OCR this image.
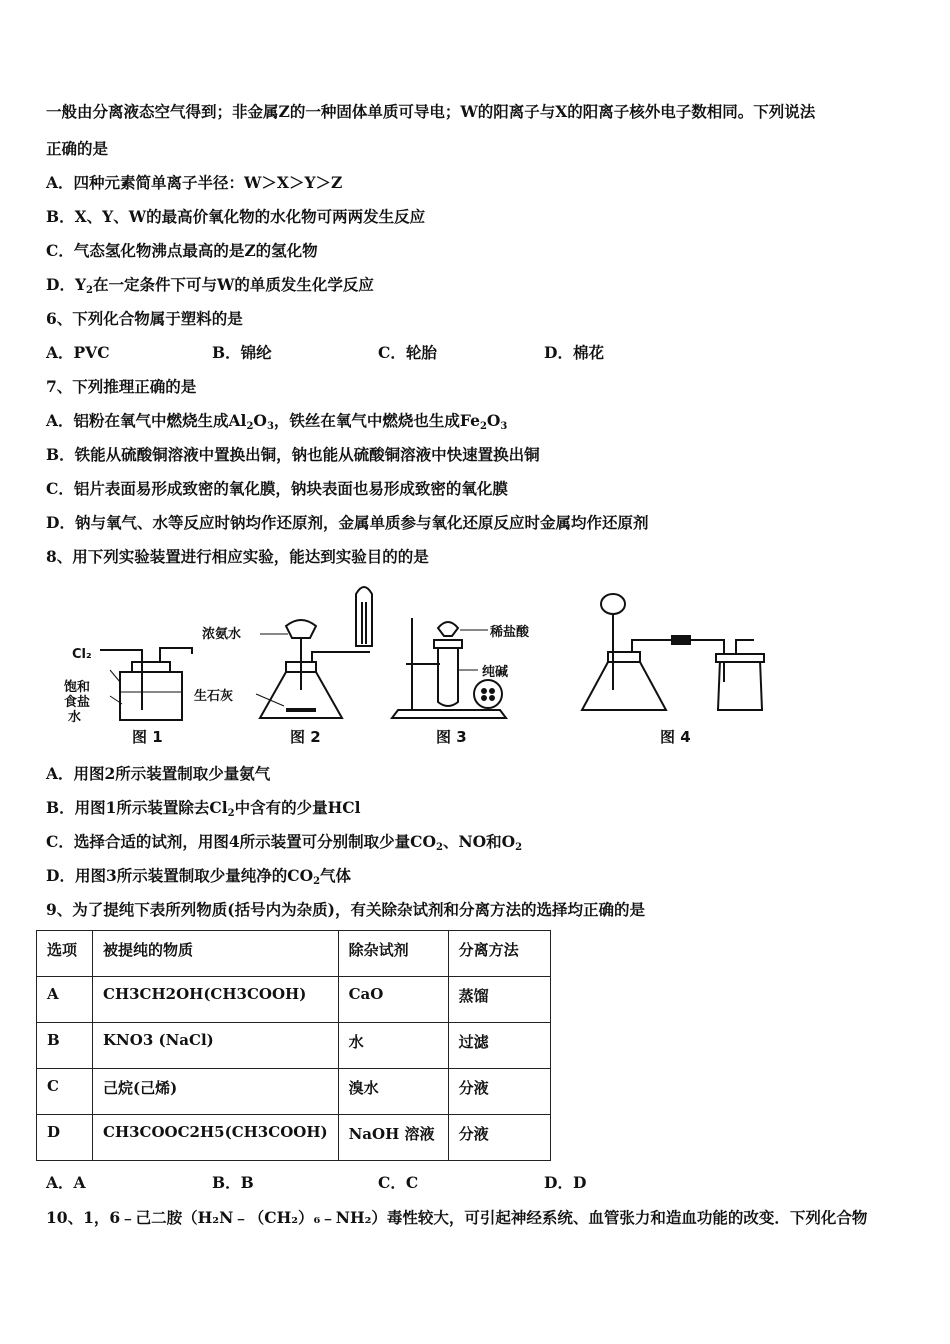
一般由分离液态空气得到；非金属Z的一种固体单质可导电；W的阳离子与X的阳离子核外电子数相同。下列说法
正确的是
A．四种元素简单离子半径：W＞X＞Y＞Z
B．X、Y、W的最高价氧化物的水化物可两两发生反应
C．气态氢化物沸点最高的是Z的氢化物
D．$Y_2$在一定条件下可与W的单质发生化学反应
6、下列化合物属于塑料的是
A．PVC	B．锦纶	C．轮胎	D．棉花
7、下列推理正确的是
A．铝粉在氧气中燃烧生成$Al_2O_3$，铁丝在氧气中燃烧也生成$Fe_2O_3$
B．铁能从硫酸铜溶液中置换出铜，钠也能从硫酸铜溶液中快速置换出铜
C．铝片表面易形成致密的氧化膜，钠块表面也易形成致密的氧化膜
D．钠与氧气、水等反应时钠均作还原剂，金属单质参与氧化还原反应时金属均作还原剂
8、用下列实验装置进行相应实验，能达到实验目的的是
Cl₂
饱和
食盐
水
浓氨水
生石灰
稀盐酸
纯碱
图 1	图 2	图 3	图 4
A．用图2所示装置制取少量氨气
B．用图1所示装置除去$Cl_2$中含有的少量HCl
C．选择合适的试剂，用图4所示装置可分别制取少量$CO_2$、NO和$O_2$
D．用图3所示装置制取少量纯净的$CO_2$气体
9、为了提纯下表所列物质(括号内为杂质)，有关除杂试剂和分离方法的选择均正确的是
选项	被提纯的物质	除杂试剂	分离方法
A	CH3CH2OH(CH3COOH)	CaO	蒸馏
B	KNO3 (NaCl)	水	过滤
C	己烷(己烯)	溴水	分液
D	CH3COOC2H5(CH3COOH)	NaOH 溶液	分液
A．A	B．B	C．C	D．D
10、1，6﹣己二胺（H₂N﹣（CH₂）₆﹣NH₂）毒性较大，可引起神经系统、血管张力和造血功能的改变．下列化合物
